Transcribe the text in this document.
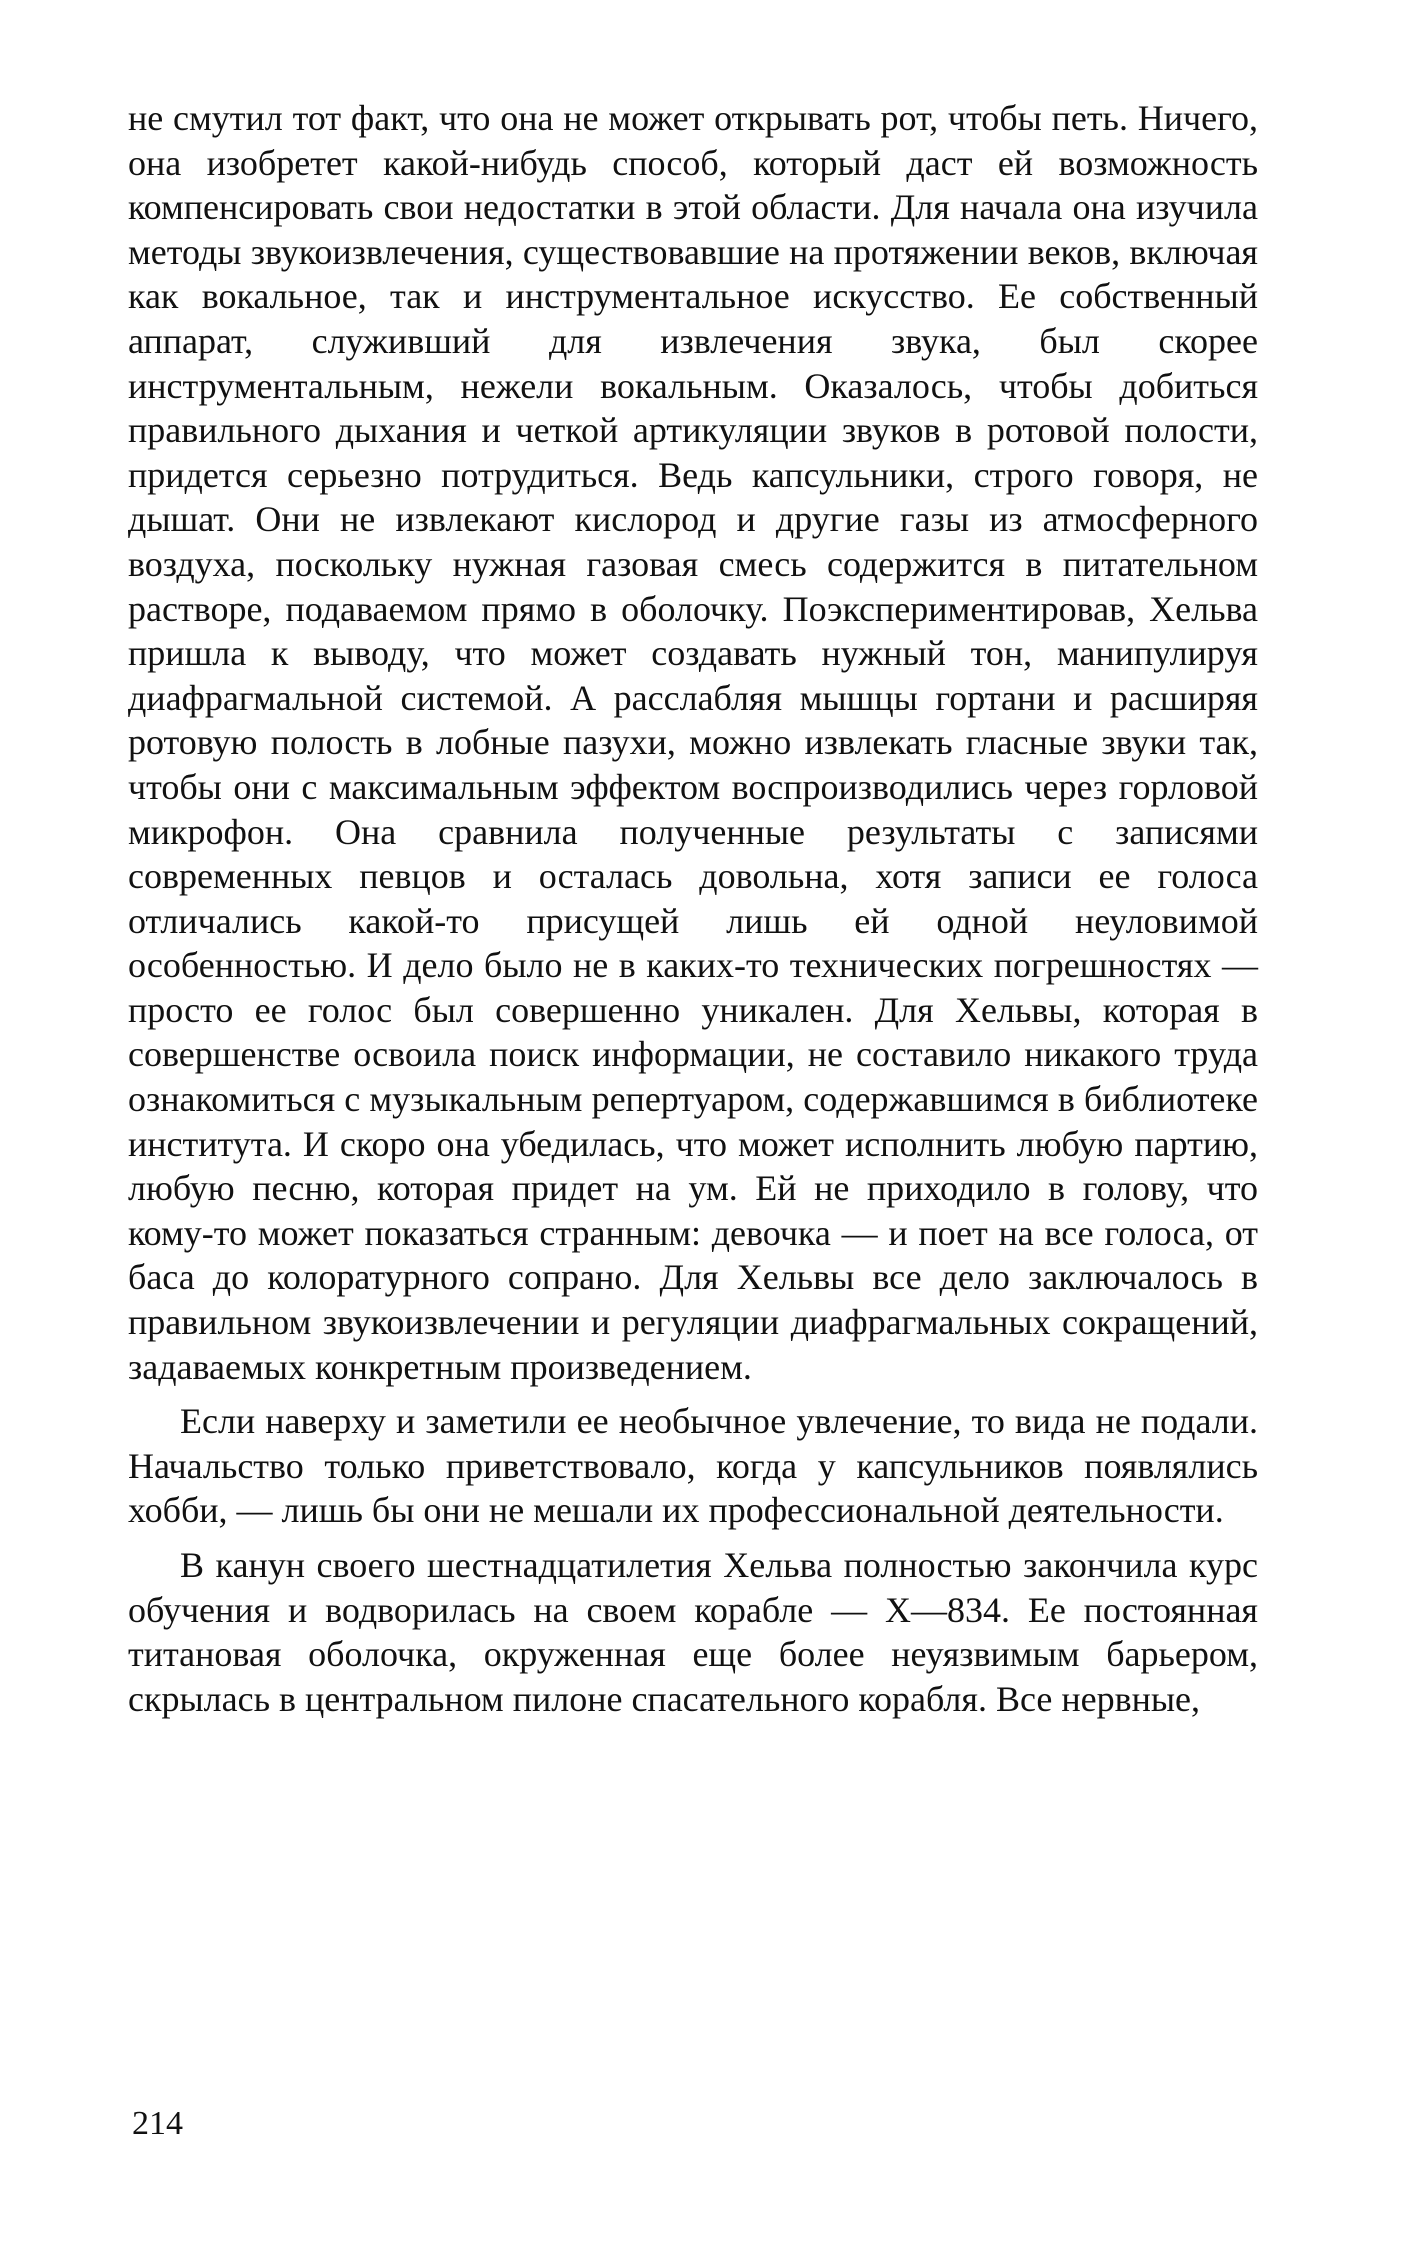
не смутил тот факт, что она не может открывать рот, чтобы петь. Ничего, она изобретет какой-нибудь способ, который даст ей возможность компенсировать свои недостатки в этой области. Для начала она изучила методы звукоизвлечения, существовавшие на протяжении веков, включая как вокальное, так и инструментальное искусство. Ее собственный аппарат, служивший для извлечения звука, был скорее инструментальным, нежели вокальным. Оказалось, чтобы добиться правильного дыхания и четкой артикуляции звуков в ротовой полости, придется серьезно потрудиться. Ведь капсульники, строго говоря, не дышат. Они не извлекают кислород и другие газы из атмосферного воздуха, поскольку нужная газовая смесь содержится в питательном растворе, подаваемом прямо в оболочку. Поэкспериментировав, Хельва пришла к выводу, что может создавать нужный тон, манипулируя диафрагмальной системой. А расслабляя мышцы гортани и расширяя ротовую полость в лобные пазухи, можно извлекать гласные звуки так, чтобы они с максимальным эффектом воспроизводились через горловой микрофон. Она сравнила полученные результаты с записями современных певцов и осталась довольна, хотя записи ее голоса отличались какой-то присущей лишь ей одной неуловимой особенностью. И дело было не в каких-то технических погрешностях — просто ее голос был совершенно уникален. Для Хельвы, которая в совершенстве освоила поиск информации, не составило никакого труда ознакомиться с музыкальным репертуаром, содержавшимся в библиотеке института. И скоро она убедилась, что может исполнить любую партию, любую песню, которая придет на ум. Ей не приходило в голову, что кому-то может показаться странным: девочка — и поет на все голоса, от баса до колоратурного сопрано. Для Хельвы все дело заключалось в правильном звукоизвлечении и регуляции диафрагмальных сокращений, задаваемых конкретным произведением.

Если наверху и заметили ее необычное увлечение, то вида не подали. Начальство только приветствовало, когда у капсульников появлялись хобби, — лишь бы они не мешали их профессиональной деятельности.

В канун своего шестнадцатилетия Хельва полностью закончила курс обучения и водворилась на своем корабле — Х—834. Ее постоянная титановая оболочка, окруженная еще более неуязвимым барьером, скрылась в центральном пилоне спасательного корабля. Все нервные,

214
